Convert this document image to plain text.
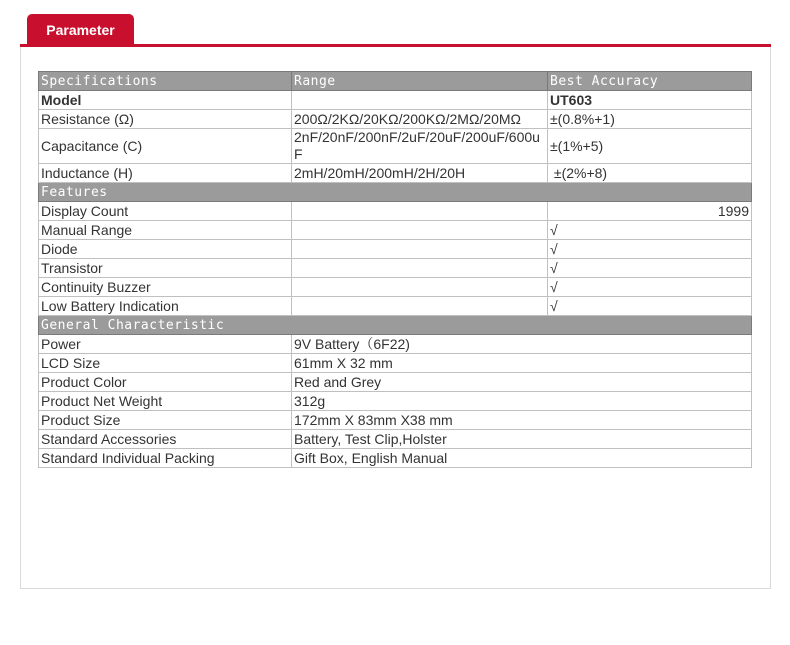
Parameter
Specifications	Range	Best Accuracy
Model		UT603
Resistance (Ω)	200Ω/2KΩ/20KΩ/200KΩ/2MΩ/20MΩ	±(0.8%+1)
Capacitance (C)	2nF/20nF/200nF/2uF/20uF/200uF/600uF	±(1%+5)
Inductance (H)	2mH/20mH/200mH/2H/20H	±(2%+8)
Features		
Display Count		1999
Manual Range		√
Diode		√
Transistor		√
Continuity Buzzer		√
Low Battery Indication		√
General Characteristic		
Power	9V Battery（6F22)	
LCD Size	61mm X 32 mm	
Product Color	Red and Grey	
Product Net Weight	312g	
Product Size	172mm X 83mm X38 mm	
Standard Accessories	Battery, Test Clip,Holster	
Standard Individual Packing	Gift Box, English Manual	
